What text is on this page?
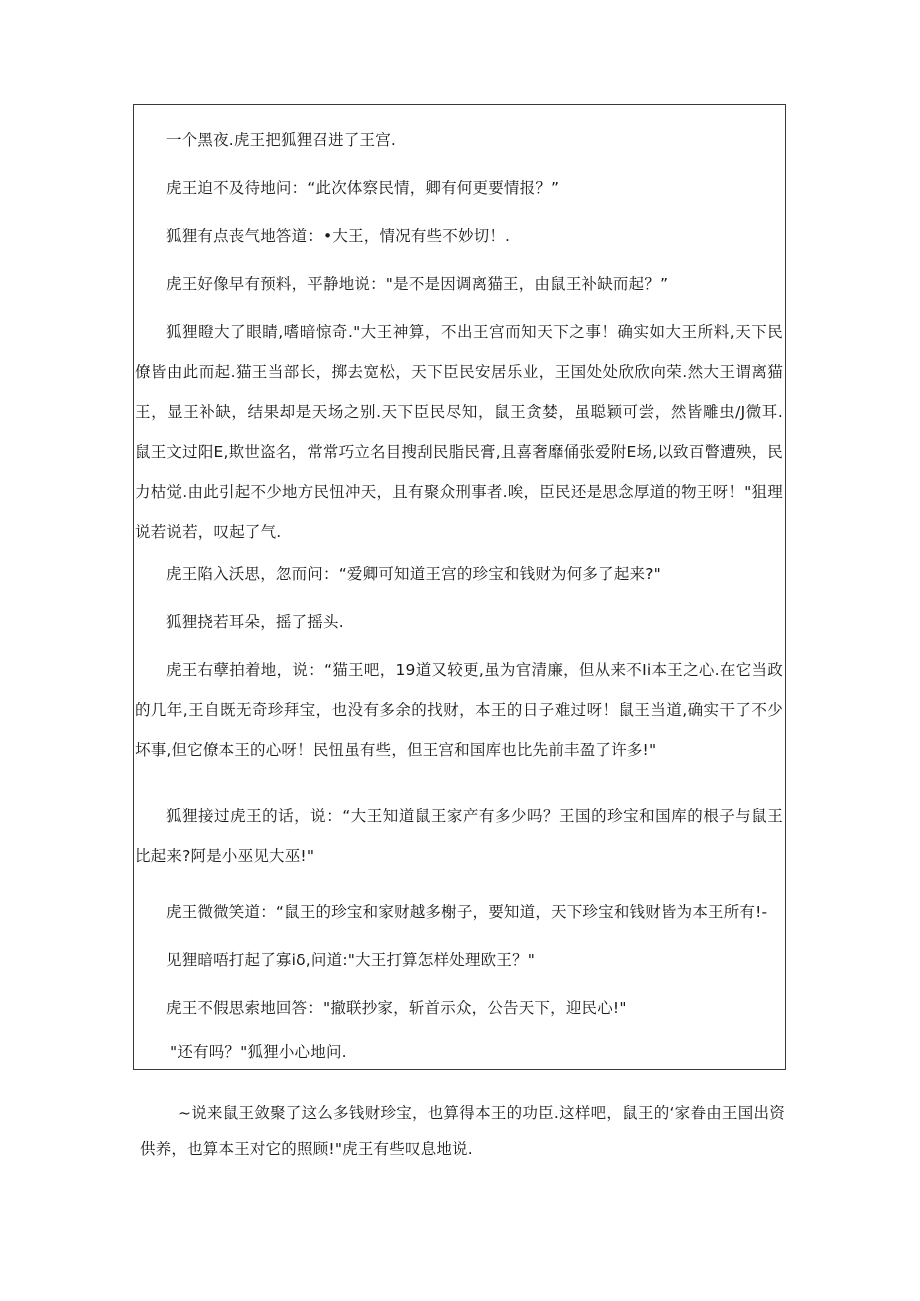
一个黑夜.虎王把狐狸召进了王宫.

虎王迫不及待地问：“此次体察民情，卿有何更要情报？”

狐狸有点丧气地答道：•大王，情况有些不妙切！.

虎王好像早有预料，平静地说："是不是因调离猫王，由鼠王补缺而起？”

狐狸瞪大了眼睛,嗜暗惊奇."大王神算，不出王宫而知天下之事！确实如大王所料,天下民僚皆由此而起.猫王当部长，掷去宽松，天下臣民安居乐业，王国处处欣欣向荣.然大王谓离猫王，显王补缺，结果却是天场之别.天下臣民尽知，鼠王贪婪，虽聪颖可尝，然皆雕虫/J微耳.鼠王文过阳E,欺世盗名，常常巧立名目搜刮民脂民膏,且喜奢靡俑张爱附E场,以致百瞥遭殃，民力枯觉.由此引起不少地方民忸冲天，且有聚众刑事者.唉，臣民还是思念厚道的物王呀！"狙理说若说若，叹起了气.

虎王陷入沃思，忽而问：“爱卿可知道王宫的珍宝和钱财为何多了起来?"

狐狸挠若耳朵，摇了摇头.

虎王右孽拍着地，说：“猫王吧，19道又较更,虽为官清廉，但从来不Ii本王之心.在它当政的几年,王自既无奇珍拜宝，也没有多余的找财，本王的日子难过呀！鼠王当道,确实干了不少坏事,但它僚本王的心呀！民忸虽有些，但王宫和国库也比先前丰盈了许多!"

狐狸接过虎王的话，说：“大王知道鼠王家产有多少吗？王国的珍宝和国库的根子与鼠王比起来?阿是小巫见大巫!"

虎王微微笑道：“鼠王的珍宝和家财越多榭子，要知道，天下珍宝和钱财皆为本王所有!-

见狸暗唔打起了寡iδ,问道:"大王打算怎样处理欧王？"

虎王不假思索地回答："撤联抄家，斩首示众，公告天下，迎民心!"

"还有吗？"狐狸小心地问.

~说来鼠王敛聚了这么多钱财珍宝，也算得本王的功臣.这样吧，鼠王的‘家眷由王国出资供养，也算本王对它的照顾!"虎王有些叹息地说.
